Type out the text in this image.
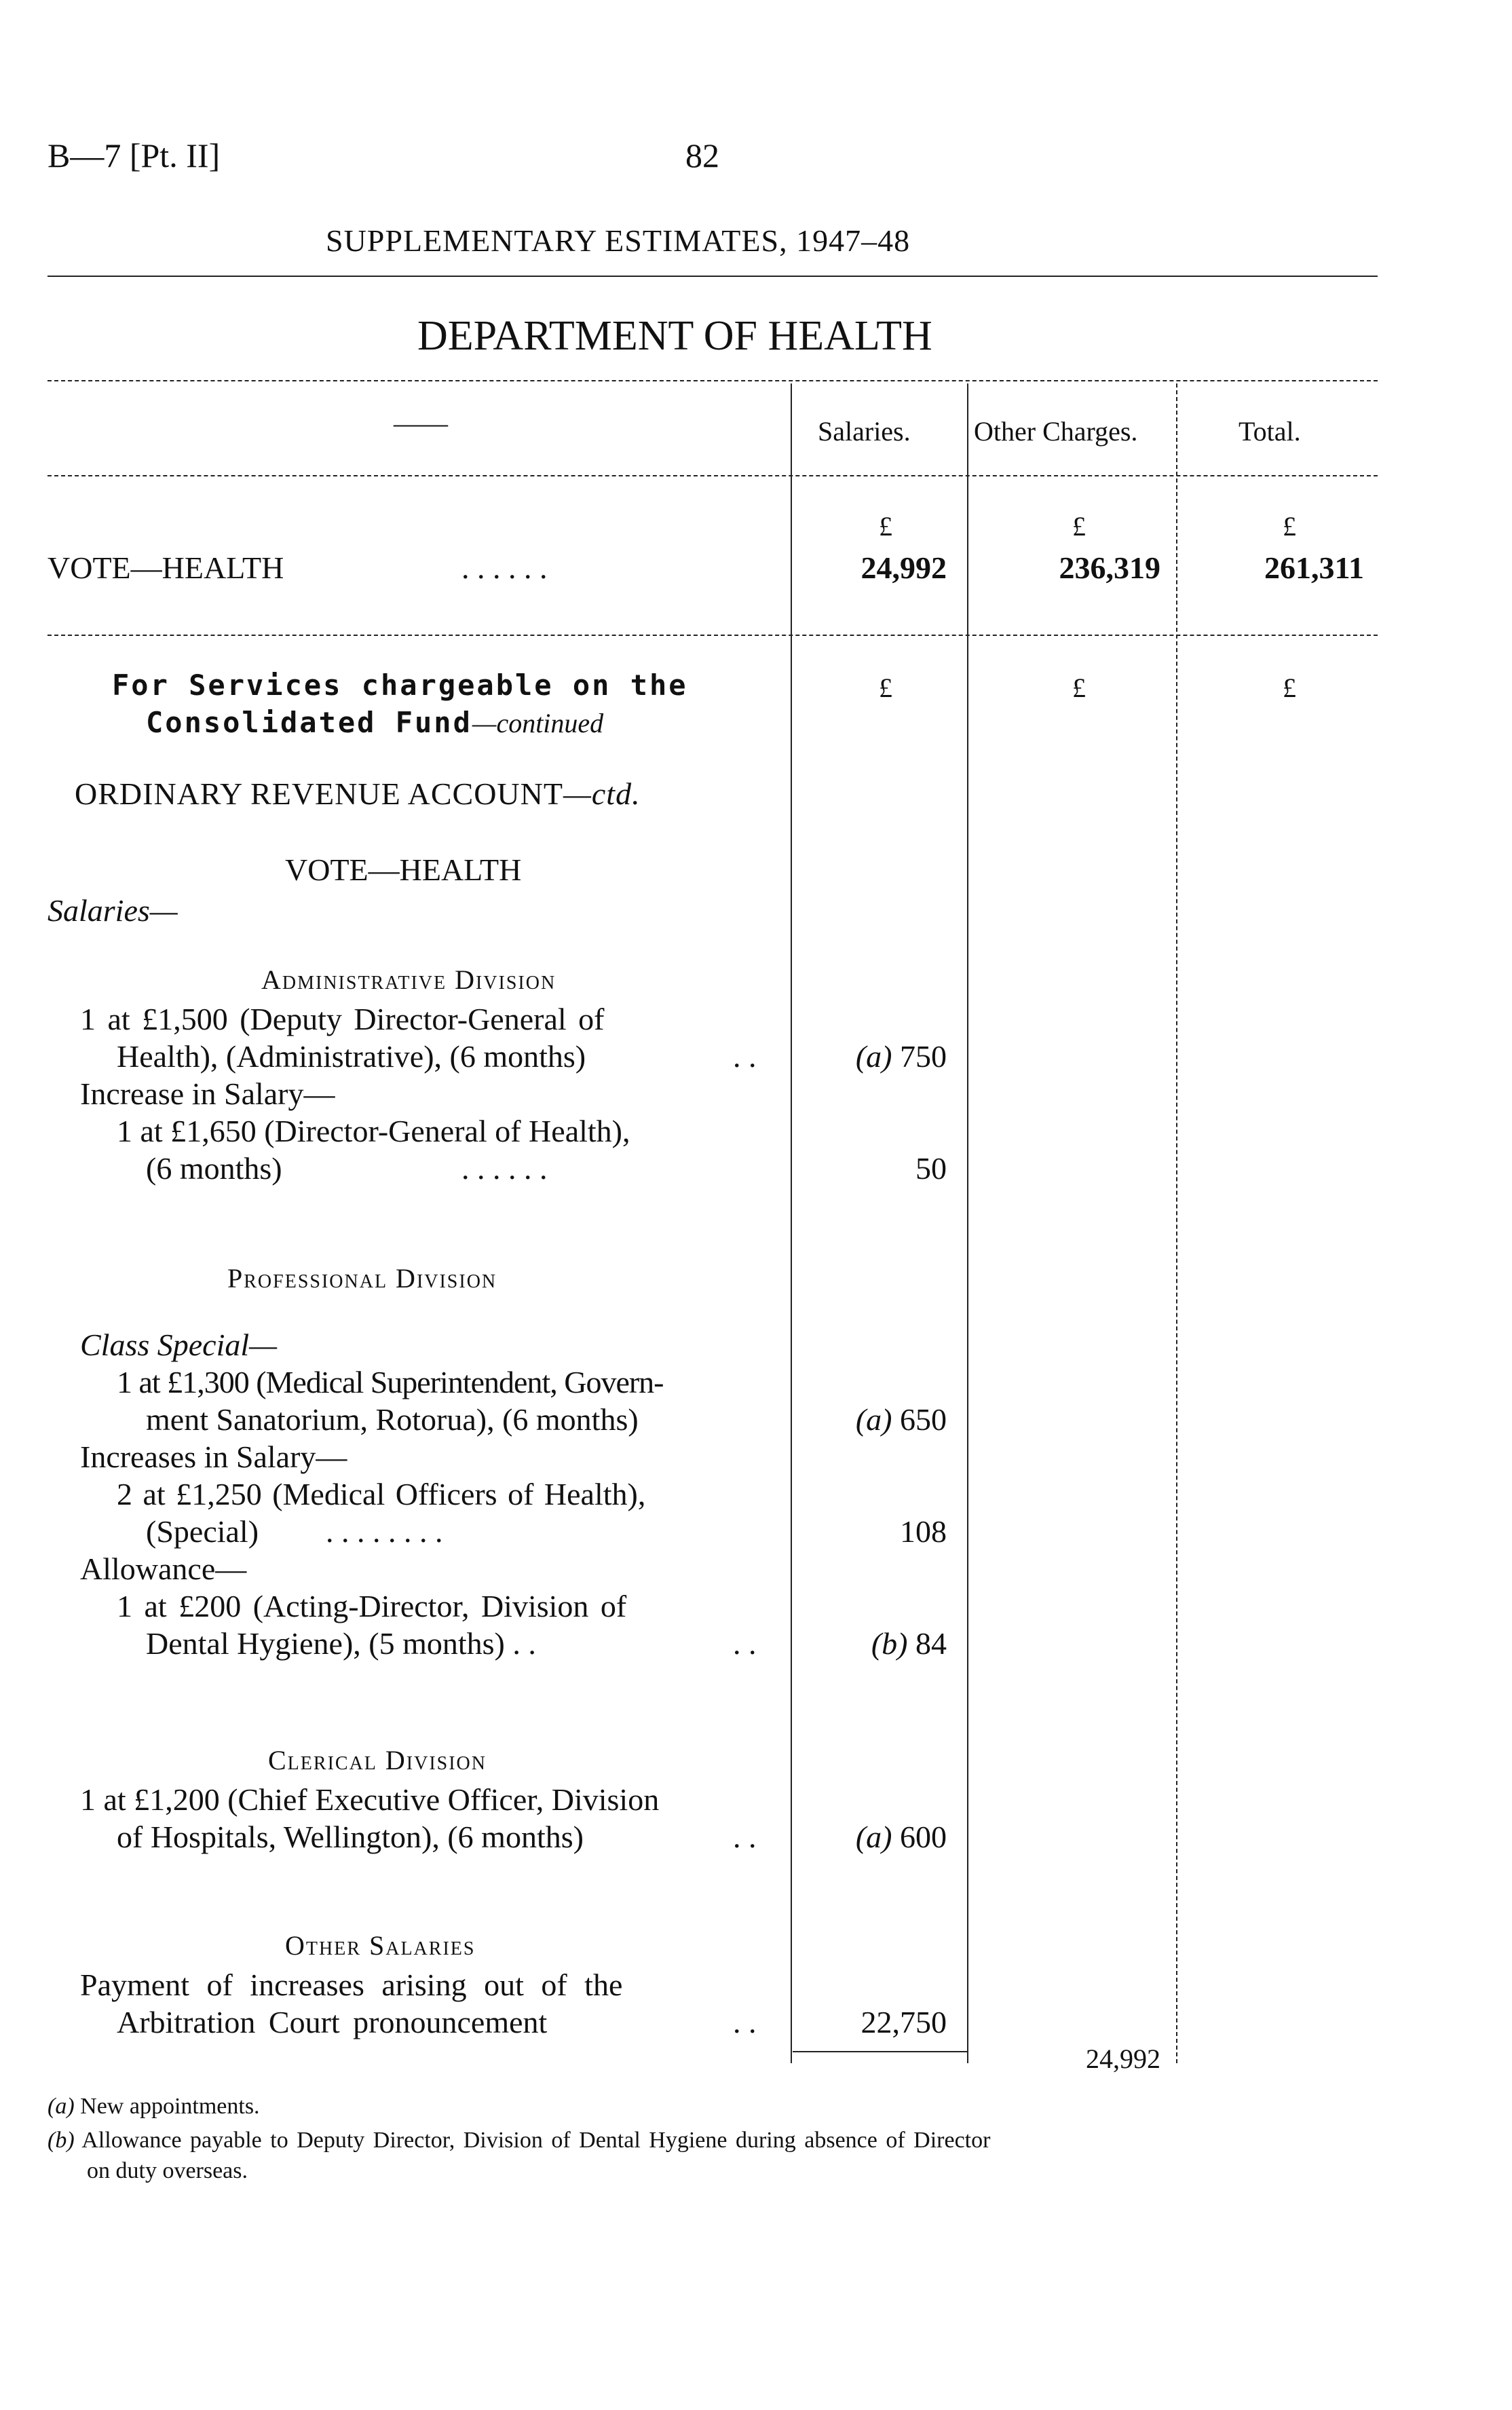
B—7 [Pt. II]	82
SUPPLEMENTARY ESTIMATES, 1947–48
DEPARTMENT OF HEALTH
——	Salaries. Other Charges.	Total.
£	£	£
VOTE—HEALTH	. . . . . .	24,992	236,319	261,311
For Services chargeable on the
Consolidated Fund—continued
£	£	£
ORDINARY REVENUE ACCOUNT—ctd.
VOTE—HEALTH
Salaries—
Administrative Division
1 at £1,500 (Deputy Director-General of
Health), (Administrative), (6 months)	. .	(a) 750
Increase in Salary—
1 at £1,650 (Director-General of Health),
(6 months)	. . . . . .	50
Professional Division
Class Special—
1 at £1,300 (Medical Superintendent, Govern-
ment Sanatorium, Rotorua), (6 months)	(a) 650
Increases in Salary—
2 at £1,250 (Medical Officers of Health),
(Special) . . . . . . . .	108
Allowance—
1 at £200 (Acting-Director, Division of
Dental Hygiene), (5 months) . .	. .	(b) 84
Clerical Division
1 at £1,200 (Chief Executive Officer, Division
of Hospitals, Wellington), (6 months)	. .	(a) 600
Other Salaries
Payment of increases arising out of the
Arbitration Court pronouncement	. .	22,750
24,992
(a) New appointments.
(b) Allowance payable to Deputy Director, Division of Dental Hygiene during absence of Director
on duty overseas.
